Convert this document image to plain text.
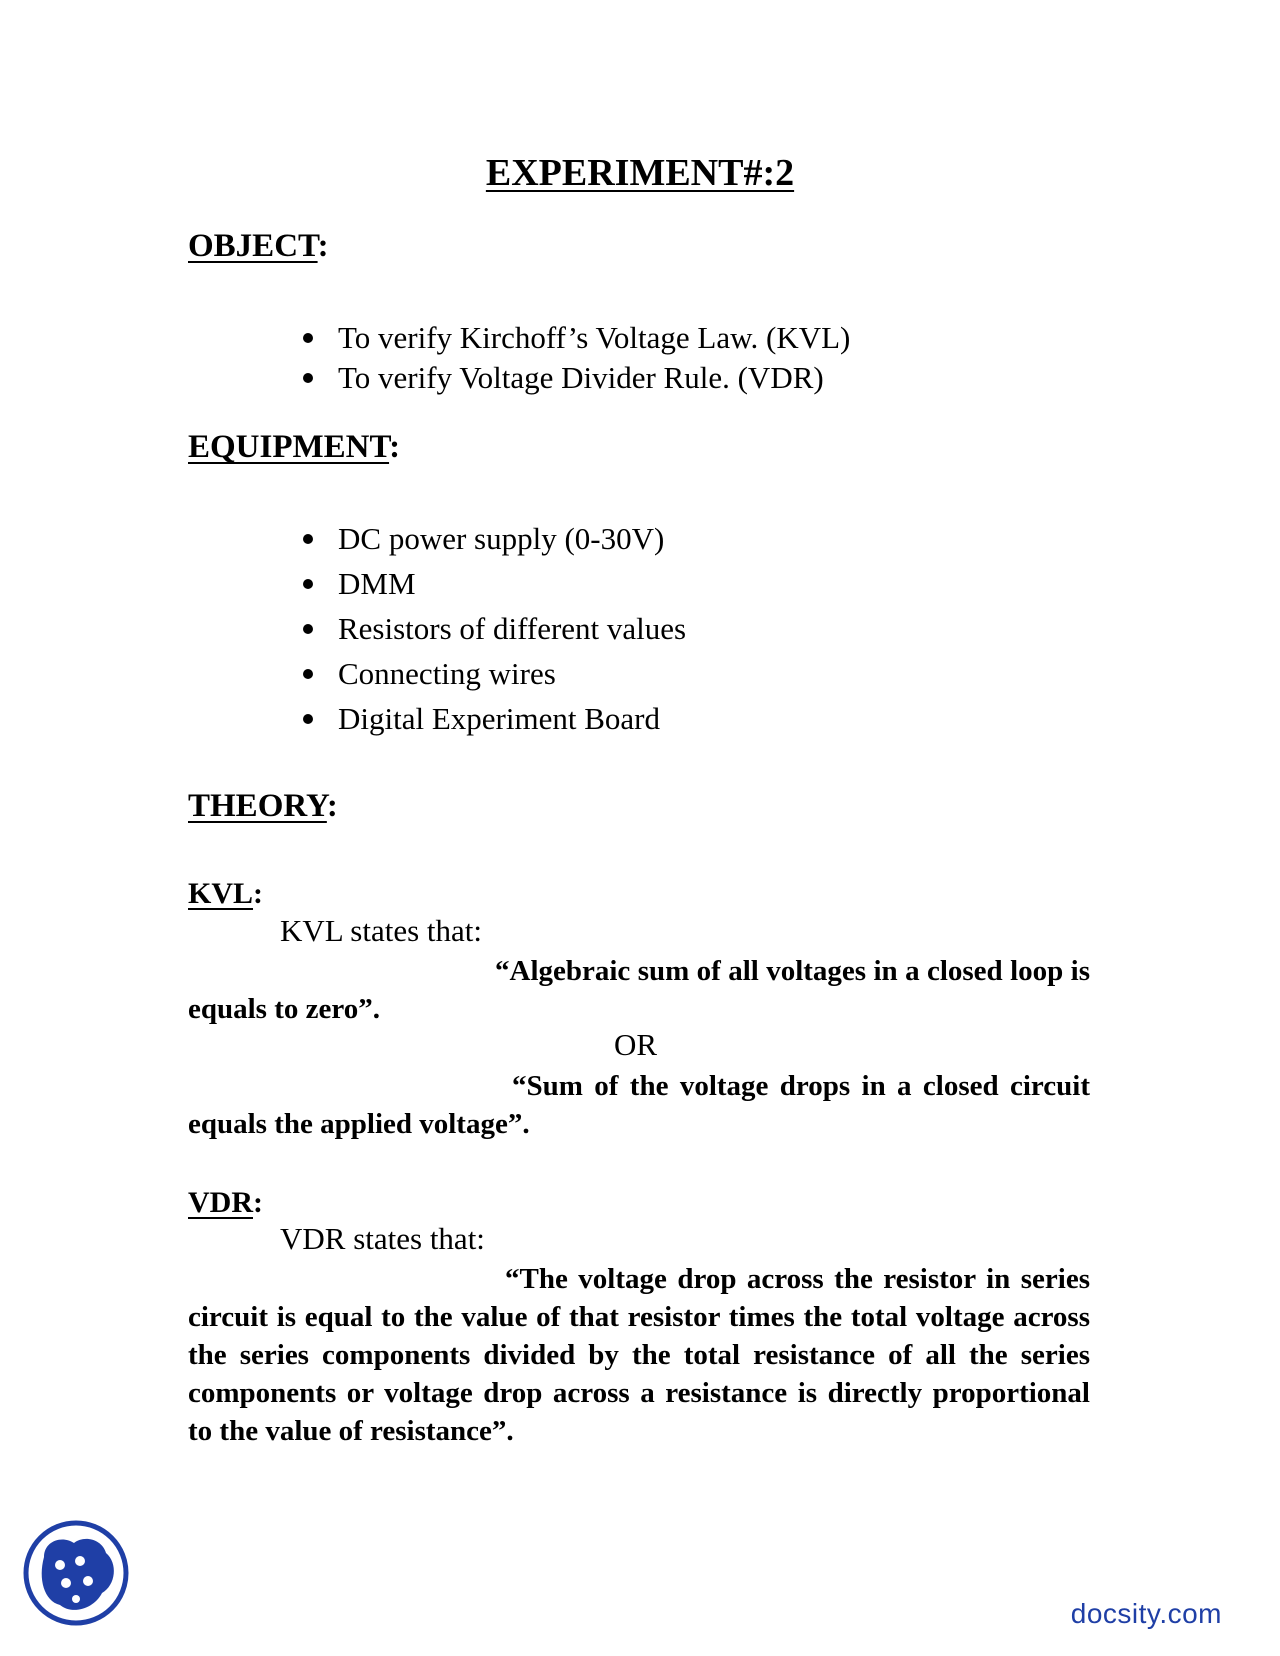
EXPERIMENT#:2
OBJECT:
To verify Kirchoff’s Voltage Law. (KVL)
To verify Voltage Divider Rule. (VDR)
EQUIPMENT:
DC power supply (0-30V)
DMM
Resistors of different values
Connecting wires
Digital Experiment Board
THEORY:
KVL:
KVL states that:
“Algebraic sum of all voltages in a closed loop is equals to zero”.
OR
“Sum of the voltage drops in a closed circuit equals the applied voltage”.
VDR:
VDR states that:
“The voltage drop across the resistor in series circuit is equal to the value of that resistor times the total voltage across the series components divided by the total resistance of all the series components or voltage drop across a resistance is directly proportional to the value of resistance”.
docsity.com
